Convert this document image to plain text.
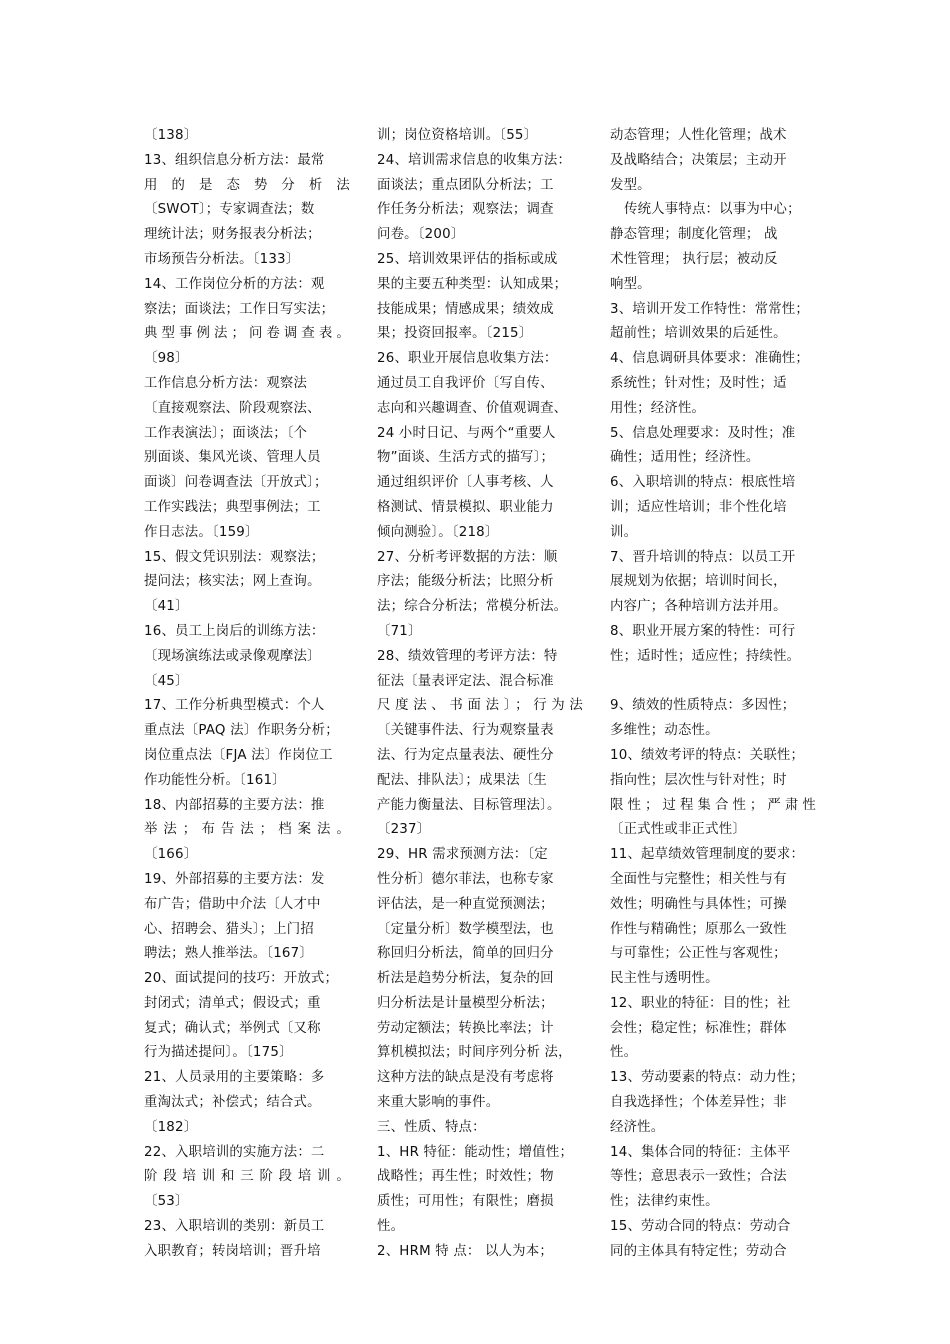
〔138〕
13、组织信息分析方法：最常
用 的 是 态 势 分 析 法
〔SWOT〕；专家调查法；数
理统计法；财务报表分析法；
市场预告分析法。〔133〕
14、工作岗位分析的方法：观
察法；面谈法；工作日写实法；
典型事例法；问卷调查表。
〔98〕
工作信息分析方法：观察法
〔直接观察法、阶段观察法、
工作表演法〕；面谈法；〔个
别面谈、集风光谈、管理人员
面谈〕问卷调查法〔开放式〕；
工作实践法；典型事例法；工
作日志法。〔159〕
15、假文凭识别法：观察法；
提问法；核实法；网上查询。
〔41〕
16、员工上岗后的训练方法：
〔现场演练法或录像观摩法〕
〔45〕
17、工作分析典型模式：个人
重点法〔PAQ 法〕作职务分析；
岗位重点法〔FJA 法〕作岗位工
作功能性分析。〔161〕
18、内部招募的主要方法：推
举 法 ； 布 告 法 ； 档 案 法 。
〔166〕
19、外部招募的主要方法：发
布广告；借助中介法〔人才中
心、招聘会、猎头〕；上门招
聘法；熟人推举法。〔167〕
20、面试提问的技巧：开放式；
封闭式；清单式；假设式；重
复式；确认式；举例式〔又称
行为描述提问〕。〔175〕
21、人员录用的主要策略：多
重淘汰式；补偿式；结合式。
〔182〕
22、入职培训的实施方法：二
阶 段 培 训 和 三 阶 段 培 训 。
〔53〕
23、入职培训的类别：新员工
入职教育；转岗培训；晋升培
训；岗位资格培训。〔55〕
24、培训需求信息的收集方法：
面谈法；重点团队分析法；工
作任务分析法；观察法；调查
问卷。〔200〕
25、培训效果评估的指标或成
果的主要五种类型：认知成果；
技能成果；情感成果；绩效成
果；投资回报率。〔215〕
26、职业开展信息收集方法：
通过员工自我评价〔写自传、
志向和兴趣调查、价值观调查、
24 小时日记、与两个“重要人
物”面谈、生活方式的描写〕；
通过组织评价〔人事考核、人
格测试、情景模拟、职业能力
倾向测验〕。〔218〕
27、分析考评数据的方法：顺
序法；能级分析法；比照分析
法；综合分析法；常模分析法。
〔71〕
28、绩效管理的考评方法：特
征法〔量表评定法、混合标准
尺度法、书面法〕；行为法
〔关键事件法、行为观察量表
法、行为定点量表法、硬性分
配法、排队法〕；成果法〔生
产能力衡量法、目标管理法〕。
〔237〕
29、HR 需求预测方法：〔定
性分析〕德尔菲法，也称专家
评估法，是一种直觉预测法；
〔定量分析〕数学模型法，也
称回归分析法，简单的回归分
析法是趋势分析法，复杂的回
归分析法是计量模型分析法；
劳动定额法；转换比率法；计
算机模拟法；时间序列分析 法，
这种方法的缺点是没有考虑将
来重大影响的事件。
三、性质、特点：
1、HR 特征：能动性；增值性；
战略性；再生性；时效性；物
质性；可用性；有限性；磨损
性。
2、HRM 特 点： 以人为本；
动态管理；人性化管理；战术
及战略结合；决策层；主动开
发型。
传统人事特点：以事为中心；
静态管理；制度化管理； 战
术性管理； 执行层；被动反
响型。
3、培训开发工作特性：常常性；
超前性；培训效果的后延性。
4、信息调研具体要求：准确性；
系统性；针对性；及时性；适
用性；经济性。
5、信息处理要求：及时性；准
确性；适用性；经济性。
6、入职培训的特点：根底性培
训；适应性培训；非个性化培
训。
7、晋升培训的特点：以员工开
展规划为依据；培训时间长，
内容广；各种培训方法并用。
8、职业开展方案的特性：可行
性；适时性；适应性；持续性。
9、绩效的性质特点：多因性；
多维性；动态性。
10、绩效考评的特点：关联性；
指向性；层次性与针对性；时
限性；过程集合性；严肃性
〔正式性或非正式性〕
11、起草绩效管理制度的要求：
全面性与完整性；相关性与有
效性；明确性与具体性；可操
作性与精确性；原那么一致性
与可靠性；公正性与客观性；
民主性与透明性。
12、职业的特征：目的性；社
会性；稳定性；标准性；群体
性。
13、劳动要素的特点：动力性；
自我选择性；个体差异性；非
经济性。
14、集体合同的特征：主体平
等性；意思表示一致性；合法
性；法律约束性。
15、劳动合同的特点：劳动合
同的主体具有特定性；劳动合
